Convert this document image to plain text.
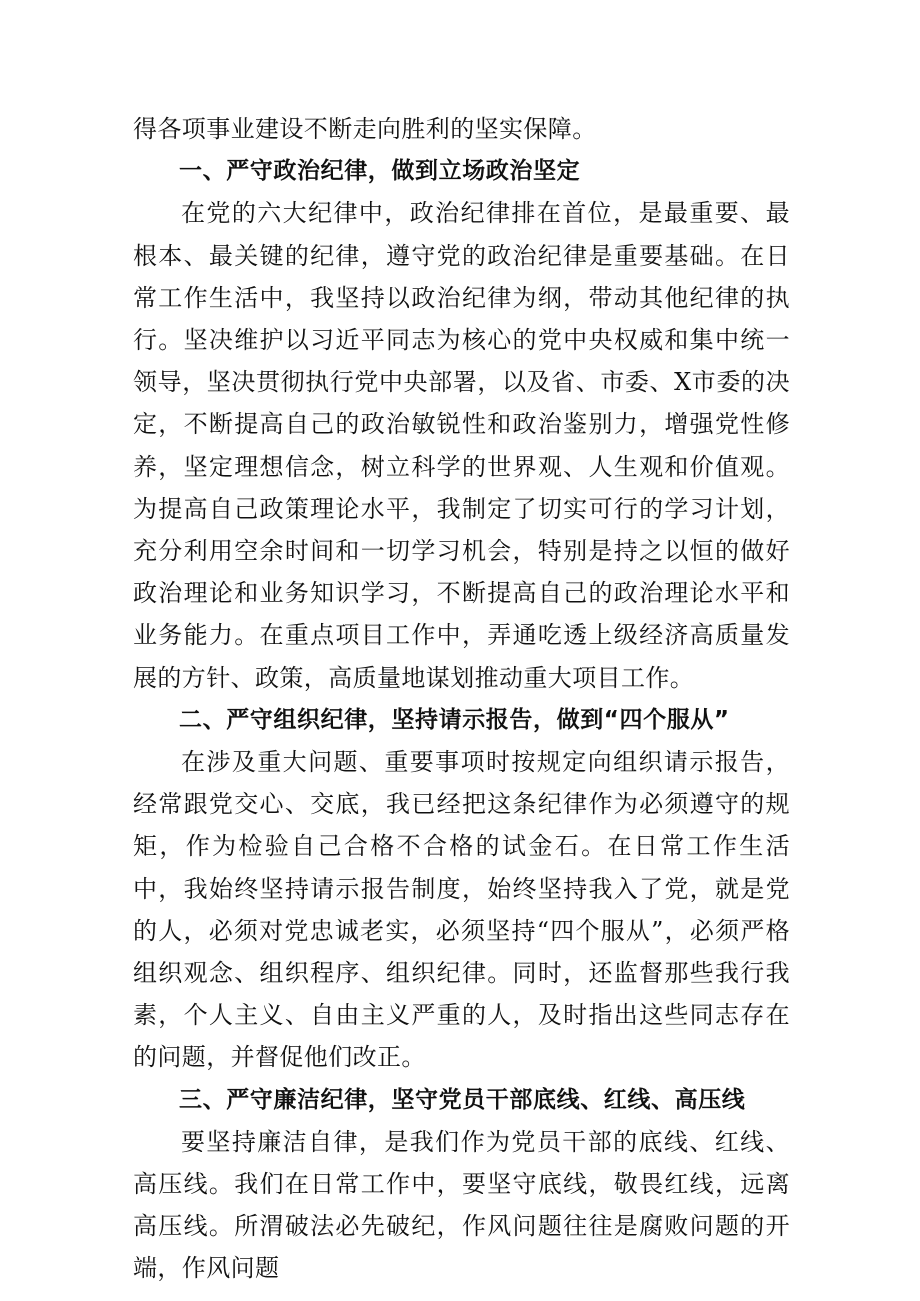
得各项事业建设不断走向胜利的坚实保障。

一、严守政治纪律，做到立场政治坚定

在党的六大纪律中，政治纪律排在首位，是最重要、最根本、最关键的纪律，遵守党的政治纪律是重要基础。在日常工作生活中，我坚持以政治纪律为纲，带动其他纪律的执行。坚决维护以习近平同志为核心的党中央权威和集中统一领导，坚决贯彻执行党中央部署，以及省、市委、X市委的决定，不断提高自己的政治敏锐性和政治鉴别力，增强党性修养，坚定理想信念，树立科学的世界观、人生观和价值观。为提高自己政策理论水平，我制定了切实可行的学习计划，充分利用空余时间和一切学习机会，特别是持之以恒的做好政治理论和业务知识学习，不断提高自己的政治理论水平和业务能力。在重点项目工作中，弄通吃透上级经济高质量发展的方针、政策，高质量地谋划推动重大项目工作。

二、严守组织纪律，坚持请示报告，做到“四个服从”

在涉及重大问题、重要事项时按规定向组织请示报告，经常跟党交心、交底，我已经把这条纪律作为必须遵守的规矩，作为检验自己合格不合格的试金石。在日常工作生活中，我始终坚持请示报告制度，始终坚持我入了党，就是党的人，必须对党忠诚老实，必须坚持“四个服从”，必须严格组织观念、组织程序、组织纪律。同时，还监督那些我行我素，个人主义、自由主义严重的人，及时指出这些同志存在的问题，并督促他们改正。

三、严守廉洁纪律，坚守党员干部底线、红线、高压线

要坚持廉洁自律，是我们作为党员干部的底线、红线、高压线。我们在日常工作中，要坚守底线，敬畏红线，远离高压线。所渭破法必先破纪，作风问题往往是腐败问题的开端，作风问题
